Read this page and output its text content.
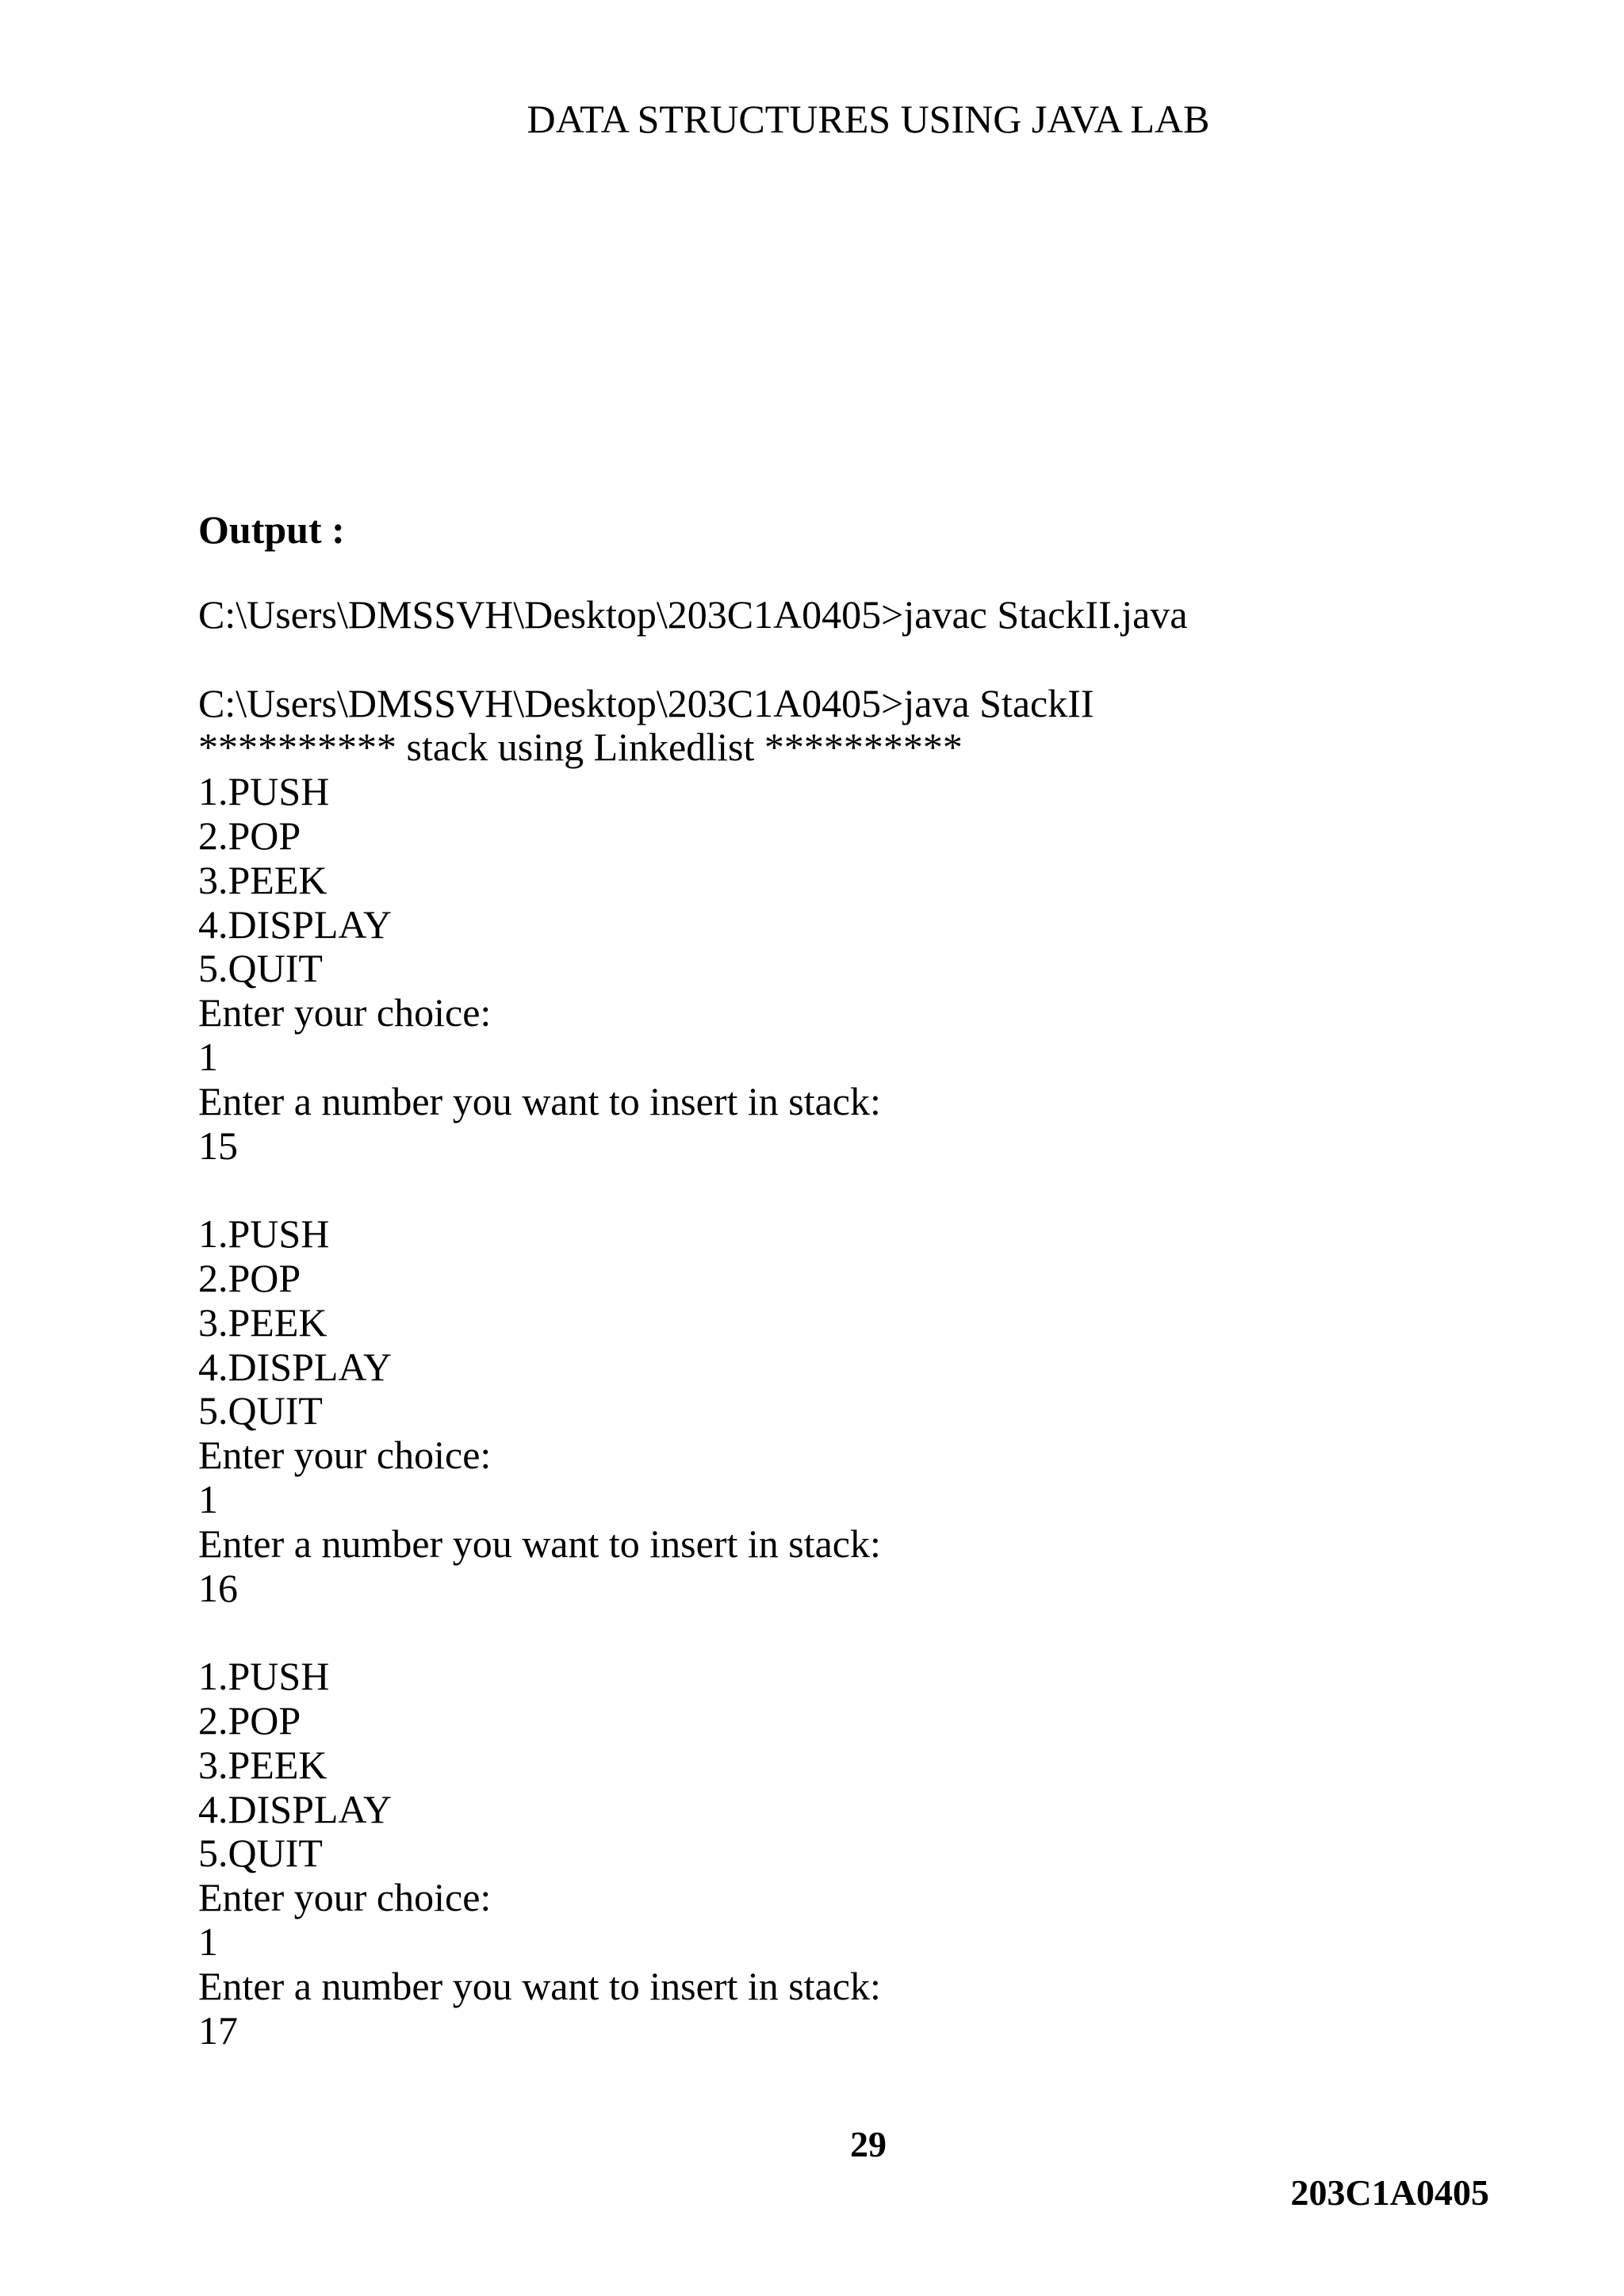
DATA STRUCTURES USING JAVA LAB
Output :
C:\Users\DMSSVH\Desktop\203C1A0405>javac StackII.java
C:\Users\DMSSVH\Desktop\203C1A0405>java StackII
********** stack using Linkedlist **********
1.PUSH
2.POP
3.PEEK
4.DISPLAY
5.QUIT
Enter your choice:
1
Enter a number you want to insert in stack:
15
1.PUSH
2.POP
3.PEEK
4.DISPLAY
5.QUIT
Enter your choice:
1
Enter a number you want to insert in stack:
16
1.PUSH
2.POP
3.PEEK
4.DISPLAY
5.QUIT
Enter your choice:
1
Enter a number you want to insert in stack:
17
29
203C1A0405
